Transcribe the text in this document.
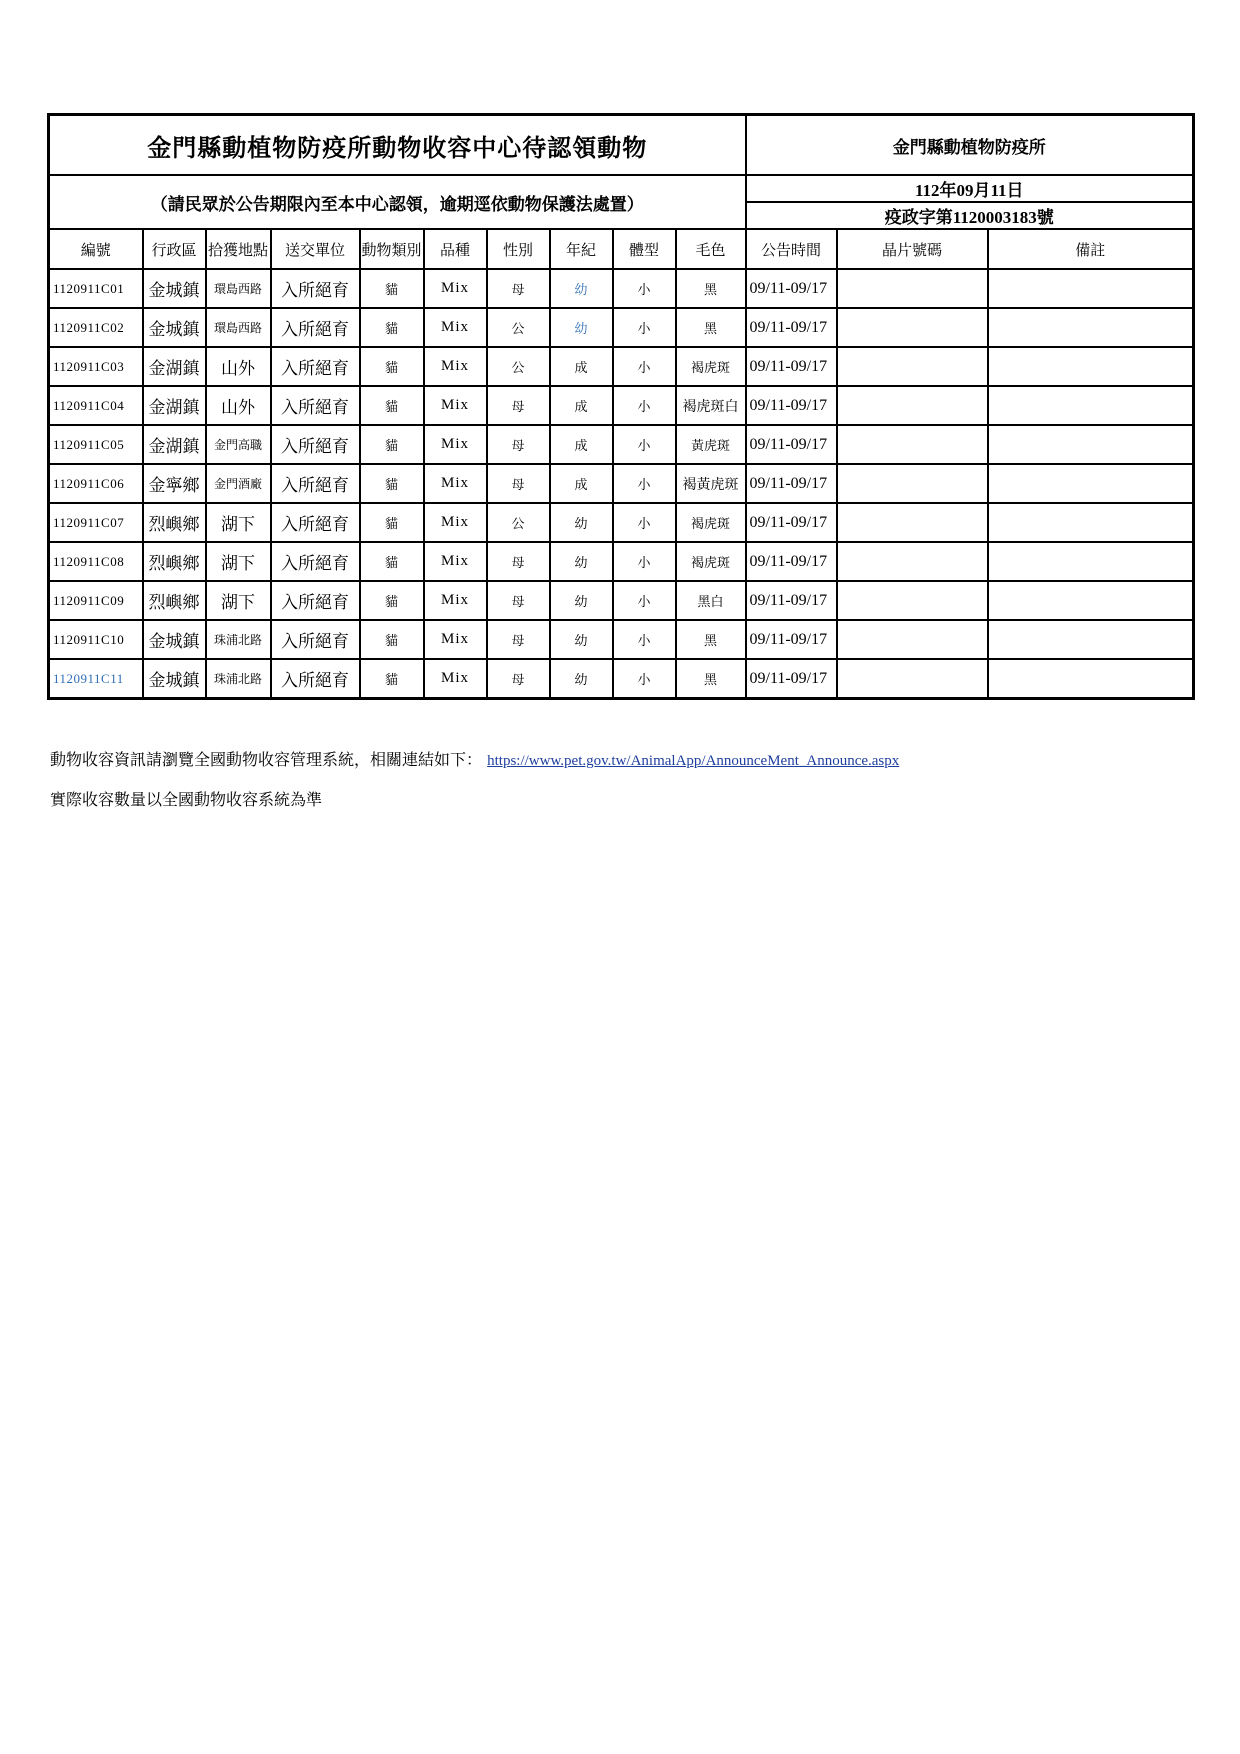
金門縣動植物防疫所動物收容中心待認領動物										金門縣動植物防疫所		
（請民眾於公告期限內至本中心認領，逾期逕依動物保護法處置）										112年09月11日		
										疫政字第1120003183號		
編號	行政區	拾獲地點	送交單位	動物類別	品種	性別	年紀	體型	毛色	公告時間	晶片號碼	備註
1120911C01	金城鎮	環島西路	入所絕育	貓	Mix	母	幼	小	黑	09/11-09/17		
1120911C02	金城鎮	環島西路	入所絕育	貓	Mix	公	幼	小	黑	09/11-09/17		
1120911C03	金湖鎮	山外	入所絕育	貓	Mix	公	成	小	褐虎斑	09/11-09/17		
1120911C04	金湖鎮	山外	入所絕育	貓	Mix	母	成	小	褐虎斑白	09/11-09/17		
1120911C05	金湖鎮	金門高職	入所絕育	貓	Mix	母	成	小	黃虎斑	09/11-09/17		
1120911C06	金寧鄉	金門酒廠	入所絕育	貓	Mix	母	成	小	褐黃虎斑	09/11-09/17		
1120911C07	烈嶼鄉	湖下	入所絕育	貓	Mix	公	幼	小	褐虎斑	09/11-09/17		
1120911C08	烈嶼鄉	湖下	入所絕育	貓	Mix	母	幼	小	褐虎斑	09/11-09/17		
1120911C09	烈嶼鄉	湖下	入所絕育	貓	Mix	母	幼	小	黑白	09/11-09/17		
1120911C10	金城鎮	珠浦北路	入所絕育	貓	Mix	母	幼	小	黑	09/11-09/17		
1120911C11	金城鎮	珠浦北路	入所絕育	貓	Mix	母	幼	小	黑	09/11-09/17		
動物收容資訊請瀏覽全國動物收容管理系統，相關連結如下： https://www.pet.gov.tw/AnimalApp/AnnounceMent_Announce.aspx
實際收容數量以全國動物收容系統為準
